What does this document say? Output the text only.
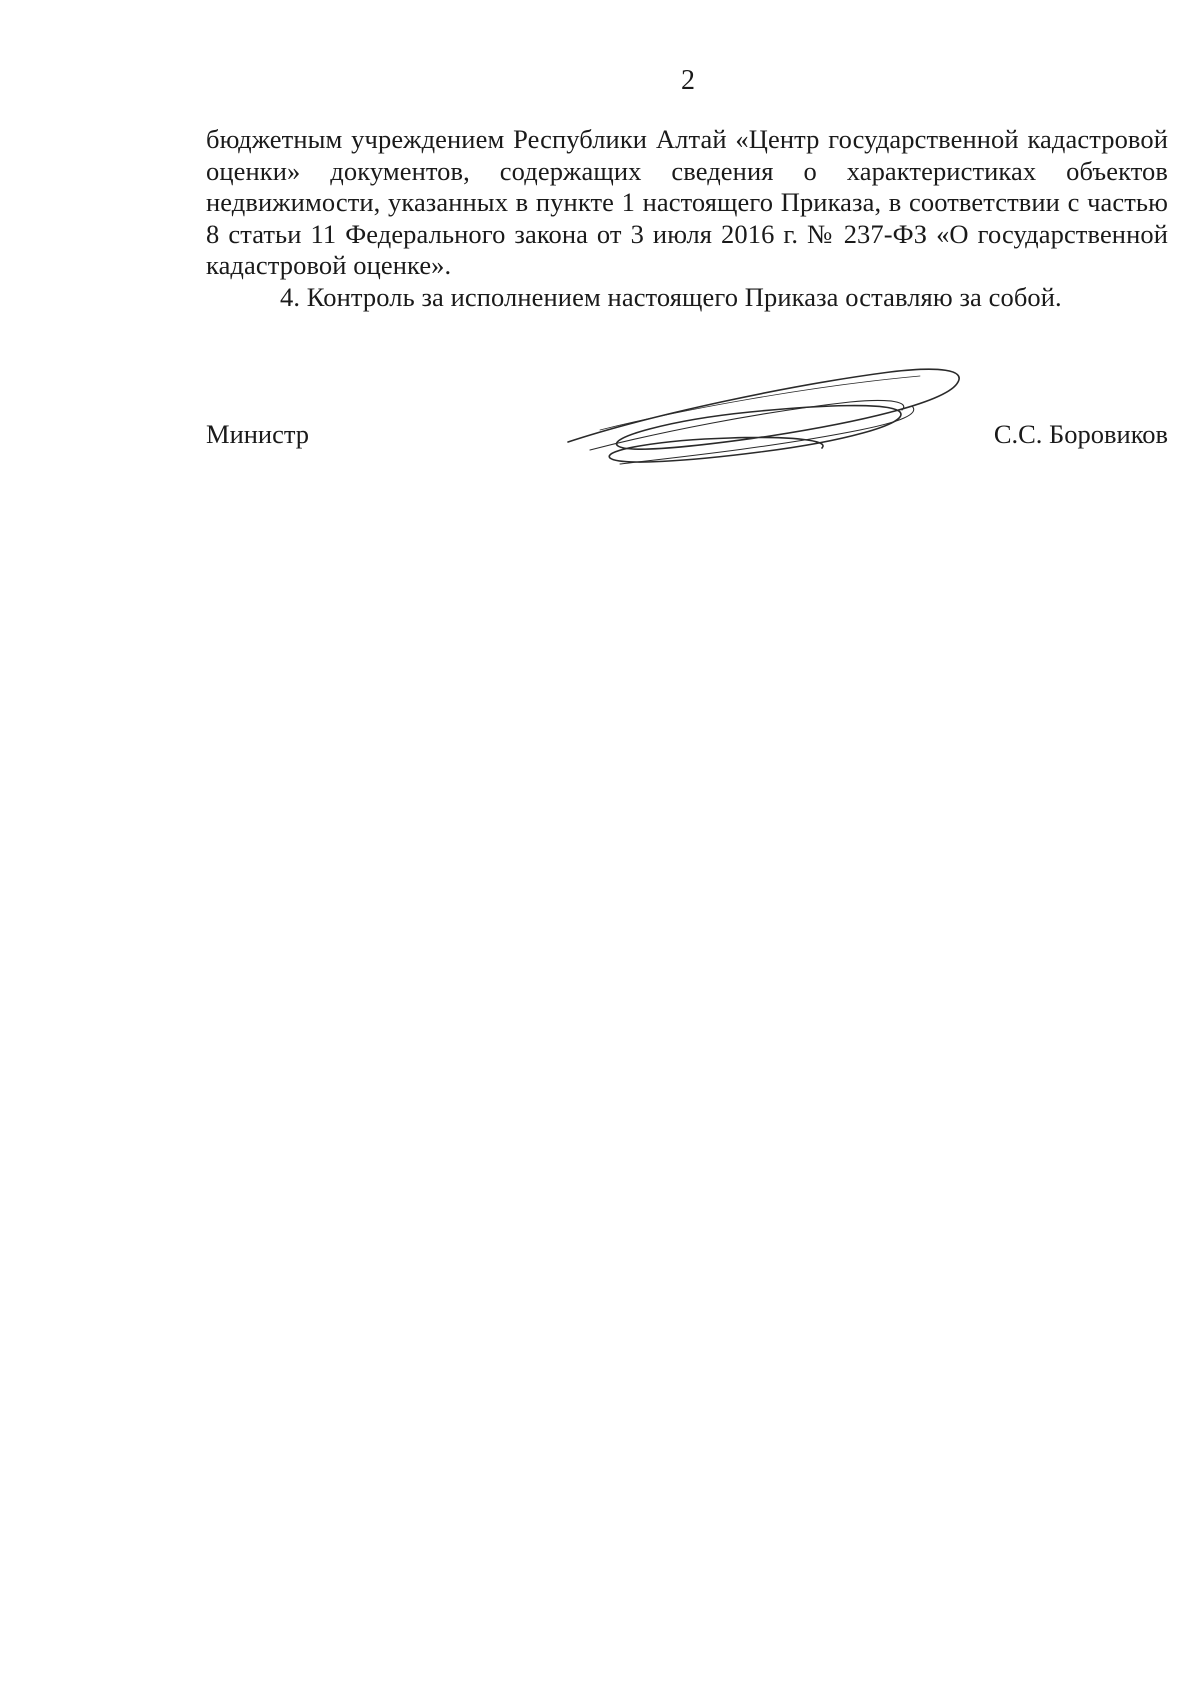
2

бюджетным учреждением Республики Алтай «Центр государственной кадастровой оценки» документов, содержащих сведения о характеристиках объектов недвижимости, указанных в пункте 1 настоящего Приказа, в соответствии с частью 8 статьи 11 Федерального закона от 3 июля 2016 г. № 237-ФЗ «О государственной кадастровой оценке».

4. Контроль за исполнением настоящего Приказа оставляю за собой.

Министр	С.С. Боровиков
